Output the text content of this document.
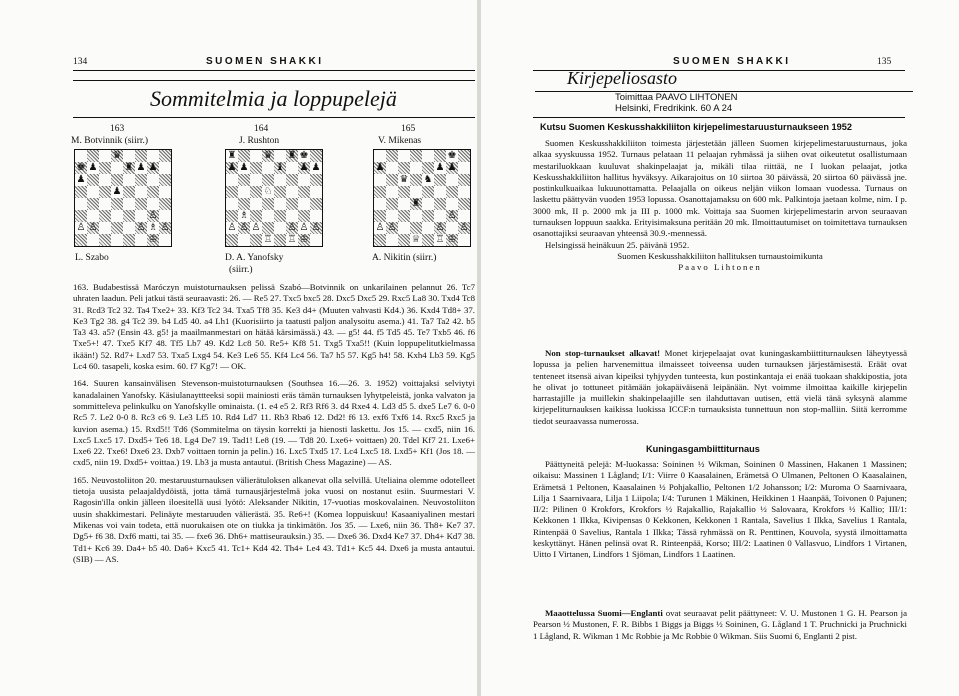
134	SUOMEN SHAKKI
Sommitelmia ja loppupelejä
163
M. Botvinnik (siirr.)
164
J. Rushton
165
V. Mikenas
♛
♚ ♟	♜ ♟ ♟
♟
♟
♙
♙ ♙	♙ ♗ ♙
♔
♜	♛ ♜ ♚
♟ ♟	♝ ♟ ♟
♘
♗
♙ ♙ ♙	♙ ♙ ♙
♖ ♖ ♔
♚
♟	♟ ♟
♛ ♞
♜
♙
♙ ♙	♙ ♙
♕ ♖ ♔
L. Szabo	D. A. Yanofsky
(siirr.)
A. Nikitin (siirr.)

163. Budabestissä Maróczyn muistoturnauksen pelissä Szabó—Botvinnik on unkarilainen pelannut 26. Tc7 uhraten laadun. Peli jatkui tästä seuraavasti: 26. — Re5 27. Txc5 bxc5 28. Dxc5 Dxc5 29. Rxc5 La8 30. Txd4 Tc8 31. Rcd3 Tc2 32. Ta4 Txe2+ 33. Kf3 Tc2 34. Txa5 Tf8 35. Ke3 d4+ (Muuten vahvasti Kd4.) 36. Kxd4 Td8+ 37. Ke3 Tg2 38. g4 Tc2 39. b4 Ld5 40. a4 Lh1 (Kuorisiirto ja taatusti paljon analysoitu asema.) 41. Ta7 Ta2 42. b5 Ta3 43. a5? (Ensin 43. g5! ja maailmanmestari on hätää kärsimässä.) 43. — g5! 44. f5 Td5 45. Te7 Txb5 46. f6 Txe5+! 47. Txe5 Kf7 48. Tf5 Lb7 49. Kd2 Lc8 50. Re5+ Kf8 51. Txg5 Txa5!! (Kuin loppupelitutkielmassa ikään!) 52. Rd7+ Lxd7 53. Txa5 Lxg4 54. Ke3 Le6 55. Kf4 Lc4 56. Ta7 h5 57. Kg5 h4! 58. Kxh4 Lb3 59. Kg5 Lc4 60. tasapeli, koska esim. 60. f7 Kg7! — OK.

164. Suuren kansainvälisen Stevenson-muistoturnauksen (Southsea 16.—26. 3. 1952) voittajaksi selviytyi kanadalainen Yanofsky. Käsiulanayttteeksi sopii mainiosti eräs tämän turnauksen lyhytpeleistä, jonka valvaton ja sommitteleva pelinkulku on Yanofskylle ominaista. (1. e4 e5 2. Rf3 Rf6 3. d4 Rxe4 4. Ld3 d5 5. dxe5 Le7 6. 0-0 Rc5 7. Le2 0-0 8. Rc3 c6 9. Le3 Lf5 10. Rd4 Ld7 11. Rb3 Rba6 12. Dd2! f6 13. exf6 Txf6 14. Rxc5 Rxc5 ja kuvion asema.) 15. Rxd5!! Td6 (Sommitelma on täysin korrekti ja hienosti laskettu. Jos 15. — cxd5, niin 16. Lxc5 Lxc5 17. Dxd5+ Te6 18. Lg4 De7 19. Tad1! Le8 (19. — Td8 20. Lxe6+ voittaen) 20. Tdel Kf7 21. Lxe6+ Lxe6 22. Txe6! Dxe6 23. Dxb7 voittaen tornin ja pelin.) 16. Lxc5 Txd5 17. Lc4 Lxc5 18. Lxd5+ Kf1 (Jos 18. — cxd5, niin 19. Dxd5+ voittaa.) 19. Lb3 ja musta antautui. (British Chess Magazine) — AS.

165. Neuvostoliiton 20. mestaruusturnauksen välierätuloksen alkanevat olla selvillä. Uteliaina olemme odotelleet tietoja uusista pelaajaldydöistä, jotta tämä turnausjärjestelmä joka vuosi on nostanut esiin. Suurmestari V. Ragosin'illa onkin jälleen iloesitellä uusi lyötö: Aleksander Nikitin, 17-vuotias moskovalainen. Neuvostoliiton uusin shakkimestari. Pelinäyte mestaruuden välierästä. 35. Re6+! (Komea loppuiskuu! Kasaaniyalinen mestari Mikenas voi vain todeta, että nuorukaisen ote on tiukka ja tinkimätön. Jos 35. — Lxe6, niin 36. Th8+ Ke7 37. Dg5+ f6 38. Dxf6 matti, tai 35. — fxe6 36. Dh6+ mattiseurauksin.) 35. — Dxe6 36. Dxd4 Ke7 37. Dh4+ Kd7 38. Td1+ Kc6 39. Da4+ b5 40. Da6+ Kxc5 41. Tc1+ Kd4 42. Th4+ Le4 43. Td1+ Kc5 44. Dxe6 ja musta antautui. (SIB) — AS.

SUOMEN SHAKKI	135
Kirjepeliosasto
Toimittaa PAAVO LIHTONEN
Helsinki, Fredrikink. 60 A 24
Kutsu Suomen Keskusshakkiliiton kirjepelimestaruusturnaukseen 1952

Suomen Keskusshakkiliiton toimesta järjestetään jälleen Suomen kirjepelimestaruusturnaus, joka alkaa syyskuussa 1952. Turnaus pelataan 11 pelaajan ryhmässä ja siihen ovat oikeutetut osallistumaan mestariluokkaan kuuluvat shakinpelaajat ja, mikäli tilaa riittää, ne I luokan pelaajat, jotka Keskusshakkiliiton hallitus hyväksyy. Aikarajoitus on 10 siirtoa 30 päivässä, 20 siirtoa 60 päivässä jne. postinkulkuaikaa lukuunottamatta. Pelaajalla on oikeus neljän viikon lomaan vuodessa. Turnaus on laskettu päättyvän vuoden 1953 lopussa. Osanottajamaksu on 600 mk. Palkintoja jaetaan kolme, nim. I p. 3000 mk, II p. 2000 mk ja III p. 1000 mk. Voittaja saa Suomen kirjepelimestarin arvon seuraavan turnauksen loppuun saakka. Erityisimaksuna peritään 20 mk. Ilmoittautumiset on toimitettava turnauksen osanottajiksi seuraavan yhteensä 30.9.-mennessä.

Helsingissä heinäkuun 25. päivänä 1952.

Suomen Keskusshakkiliiton hallituksen turnaustoimikunta

Paavo Lihtonen

Non stop-turnaukset alkavat! Monet kirjepelaajat ovat kuningaskambiittiturnauksen läheytyessä lopussa ja pelien harvenemittua ilmaisseet toiveensa uuden turnauksen järjestämisestä. Eräät ovat tenteneet itsensä aivan kipeiksi tyhjyyden tunteesta, kun postinkantaja ei enää tuokaan shakkipostia, jota he olivat jo tottuneet pitämään jokapäiväisenä leipänään. Nyt voimme ilmoittaa kaikille kirjepelin harrastajille ja muillekin shakinpelaajille sen ilahduttavan uutisen, että vielä tänä syksynä alamme kirjepeliturnauksen kaikissa luokissa ICCF:n turnauksista tunnettuun non stop-malliin. Siitä kerromme tiedot seuraavassa numerossa.

Kuningasgambiittiturnaus

Päättyneitä pelejä: M-luokassa: Soininen ½ Wikman, Soininen 0 Massinen, Hakanen 1 Massinen; oikaisu: Massinen 1 Lågland; I/1: Viirre 0 Kaasalainen, Erämetsä O Ulmanen, Peltonen O Kaasalainen, Erämetsä 1 Peltonen, Kaasalainen ½ Pohjakallio, Peltonen 1/2 Johansson; I/2: Muroma O Saarnivaara, Lilja 1 Saarnivaara, Lilja 1 Liipola; I/4: Turunen 1 Mäkinen, Heikkinen 1 Haanpää, Toivonen 0 Pajunen; II/2: Pilinen 0 Krokfors, Krokfors ½ Rajakallio, Rajakallio ½ Salovaara, Krokfors ½ Kallio; III/1: Kekkonen 1 Ilkka, Kivipensas 0 Kekkonen, Kekkonen 1 Rantala, Savelius 1 Ilkka, Savelius 1 Rantala, Rintenpää 0 Savelius, Rantala 1 Ilkka; Tässä ryhmässä on R. Penttinen, Kouvola, syystä ilmoittamatta keskyttänyt. Hänen pelinsä ovat R. Rinteenpää, Korso; III/2: Laatinen 0 Vallasvuo, Lindfors 1 Virtanen, Uitto I Virtanen, Lindfors 1 Sjöman, Lindfors 1 Laatinen.

Maaottelussa Suomi—Englanti ovat seuraavat pelit päättyneet: V. U. Mustonen 1 G. H. Pearson ja Pearson ½ Mustonen, F. R. Bibbs 1 Biggs ja Biggs ½ Soininen, G. Lågland 1 T. Pruchnicki ja Pruchnicki 1 Lågland, R. Wikman 1 Mc Robbie ja Mc Robbie 0 Wikman. Siis Suomi 6, Englanti 2 pist.
